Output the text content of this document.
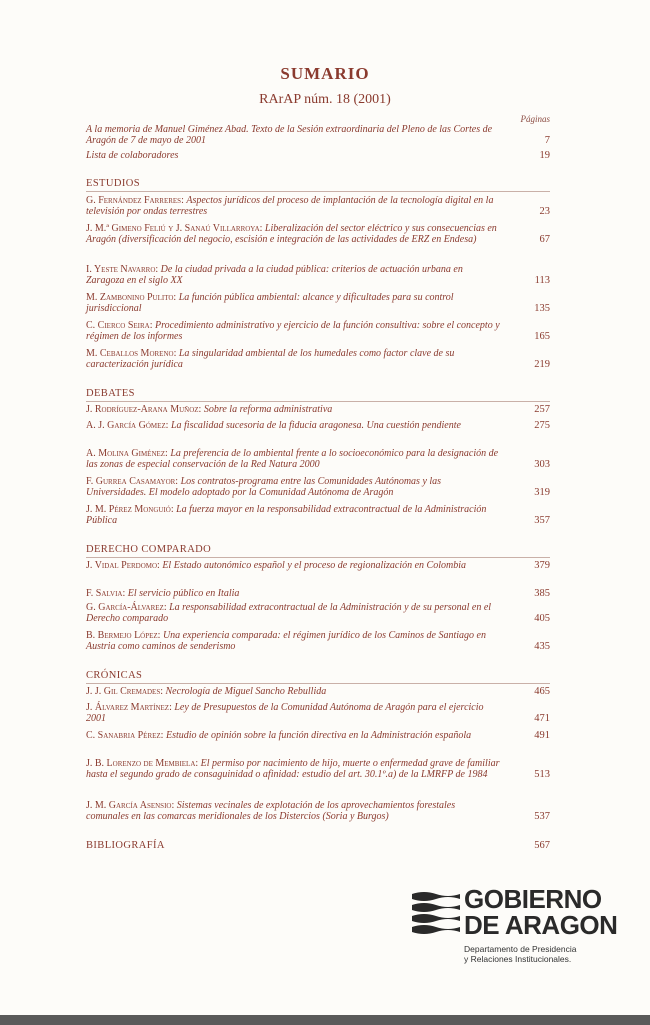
SUMARIO
RArAP núm. 18 (2001)
Páginas
A la memoria de Manuel Giménez Abad. Texto de la Sesión extraordinaria del Pleno de las Cortes de Aragón de 7 de mayo de 2001	7
Lista de colaboradores	19
ESTUDIOS
G. Fernández Farreres: Aspectos jurídicos del proceso de implantación de la tecnología digital en la televisión por ondas terrestres	23
J. M.ª Gimeno Feliú y J. Sanaú Villarroya: Liberalización del sector eléctrico y sus consecuencias en Aragón (diversificación del negocio, escisión e integración de las actividades de ERZ en Endesa)	67
I. Yeste Navarro: De la ciudad privada a la ciudad pública: criterios de actuación urbana en Zaragoza en el siglo XX	113
M. Zambonino Pulito: La función pública ambiental: alcance y dificultades para su control jurisdiccional	135
C. Cierco Seira: Procedimiento administrativo y ejercicio de la función consultiva: sobre el concepto y régimen de los informes	165
M. Ceballos Moreno: La singularidad ambiental de los humedales como factor clave de su caracterización jurídica	219
DEBATES
J. Rodríguez-Arana Muñoz: Sobre la reforma administrativa	257
A. J. García Gómez: La fiscalidad sucesoria de la fiducia aragonesa. Una cuestión pendiente	275
A. Molina Giménez: La preferencia de lo ambiental frente a lo socioeconómico para la designación de las zonas de especial conservación de la Red Natura 2000	303
F. Gurrea Casamayor: Los contratos-programa entre las Comunidades Autónomas y las Universidades. El modelo adoptado por la Comunidad Autónoma de Aragón	319
J. M. Pérez Monguió: La fuerza mayor en la responsabilidad extracontractual de la Administración Pública	357
DERECHO COMPARADO
J. Vidal Perdomo: El Estado autonómico español y el proceso de regionalización en Colombia	379
F. Salvia: El servicio público en Italia	385
G. García-Álvarez: La responsabilidad extracontractual de la Administración y de su personal en el Derecho comparado	405
B. Bermejo López: Una experiencia comparada: el régimen jurídico de los Caminos de Santiago en Austria como caminos de senderismo	435
CRÓNICAS
J. J. Gil Cremades: Necrología de Miguel Sancho Rebullida	465
J. Álvarez Martínez: Ley de Presupuestos de la Comunidad Autónoma de Aragón para el ejercicio 2001	471
C. Sanabria Pérez: Estudio de opinión sobre la función directiva en la Administración española	491
J. B. Lorenzo de Membiela: El permiso por nacimiento de hijo, muerte o enfermedad grave de familiar hasta el segundo grado de consaguinidad o afinidad: estudio del art. 30.1º.a) de la LMRFP de 1984	513
J. M. García Asensio: Sistemas vecinales de explotación de los aprovechamientos forestales comunales en las comarcas meridionales de los Distercios (Soria y Burgos)	537
BIBLIOGRAFÍA	567
GOBIERNO
DE ARAGON
Departamento de Presidencia
y Relaciones Institucionales.
